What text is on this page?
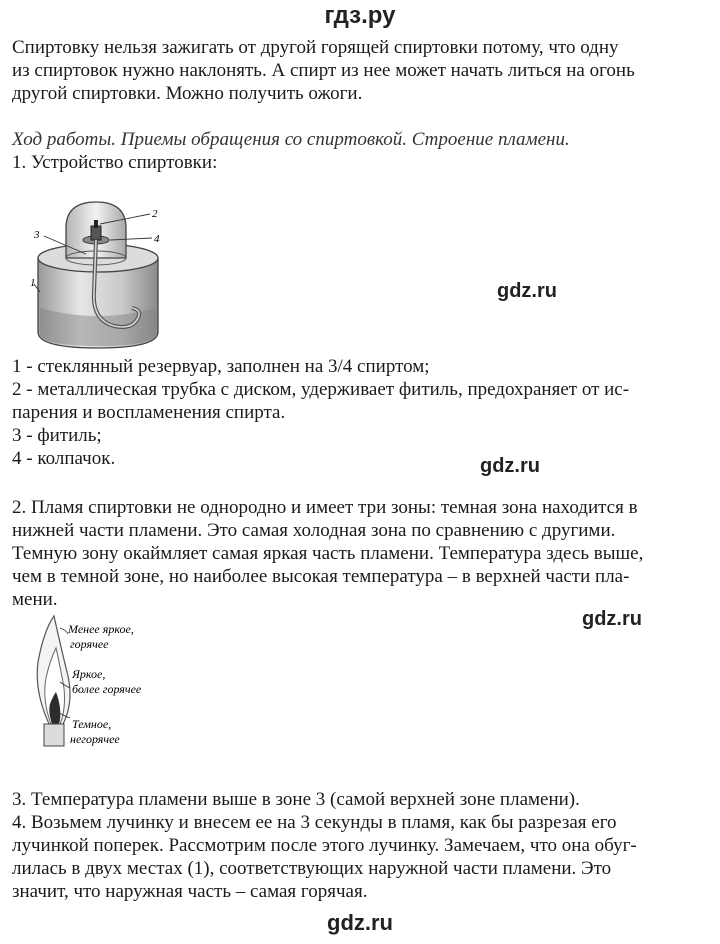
гдз.ру
Спиртовку нельзя зажигать от другой горящей спиртовки потому, что одну
из спиртовок нужно наклонять. А спирт из нее может начать литься на огонь
другой спиртовки. Можно получить ожоги.
Ход работы. Приемы обращения со спиртовкой. Строение пламени.
1. Устройство спиртовки:
2
4
3
1	gdz.ru
1 - стеклянный резервуар, заполнен на 3/4 спиртом;
2 - металлическая трубка с диском, удерживает фитиль, предохраняет от ис-
парения и воспламенения спирта.
3 - фитиль;
4 - колпачок.	gdz.ru
2. Пламя спиртовки не однородно и имеет три зоны: темная зона находится в
нижней части пламени. Это самая холодная зона по сравнению с другими.
Темную зону окаймляет самая яркая часть пламени. Температура здесь выше,
чем в темной зоне, но наиболее высокая температура – в верхней части пла-
мени.
gdz.ru
Менее яркое,
горячее
Яркое,
более горячее
Темное,
негорячее
3. Температура пламени выше в зоне 3 (самой верхней зоне пламени).
4. Возьмем лучинку и внесем ее на 3 секунды в пламя, как бы разрезая его
лучинкой поперек. Рассмотрим после этого лучинку. Замечаем, что она обуг-
лилась в двух местах (1), соответствующих наружной части пламени. Это
значит, что наружная часть – самая горячая.
gdz.ru
